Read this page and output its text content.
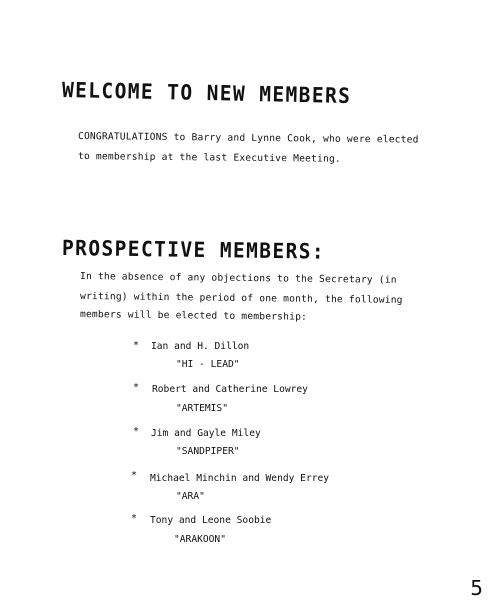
WELCOME TO NEW MEMBERS
CONGRATULATIONS to Barry and Lynne Cook, who were elected
to membership at the last Executive Meeting.
PROSPECTIVE MEMBERS:
In the absence of any objections to the Secretary (in
writing) within the period of one month, the following
members will be elected to membership:
* Ian and H. Dillon
"HI - LEAD"
* Robert and Catherine Lowrey
"ARTEMIS"
* Jim and Gayle Miley
"SANDPIPER"
* Michael Minchin and Wendy Errey
"ARA"
* Tony and Leone Soobie
"ARAKOON"
5
